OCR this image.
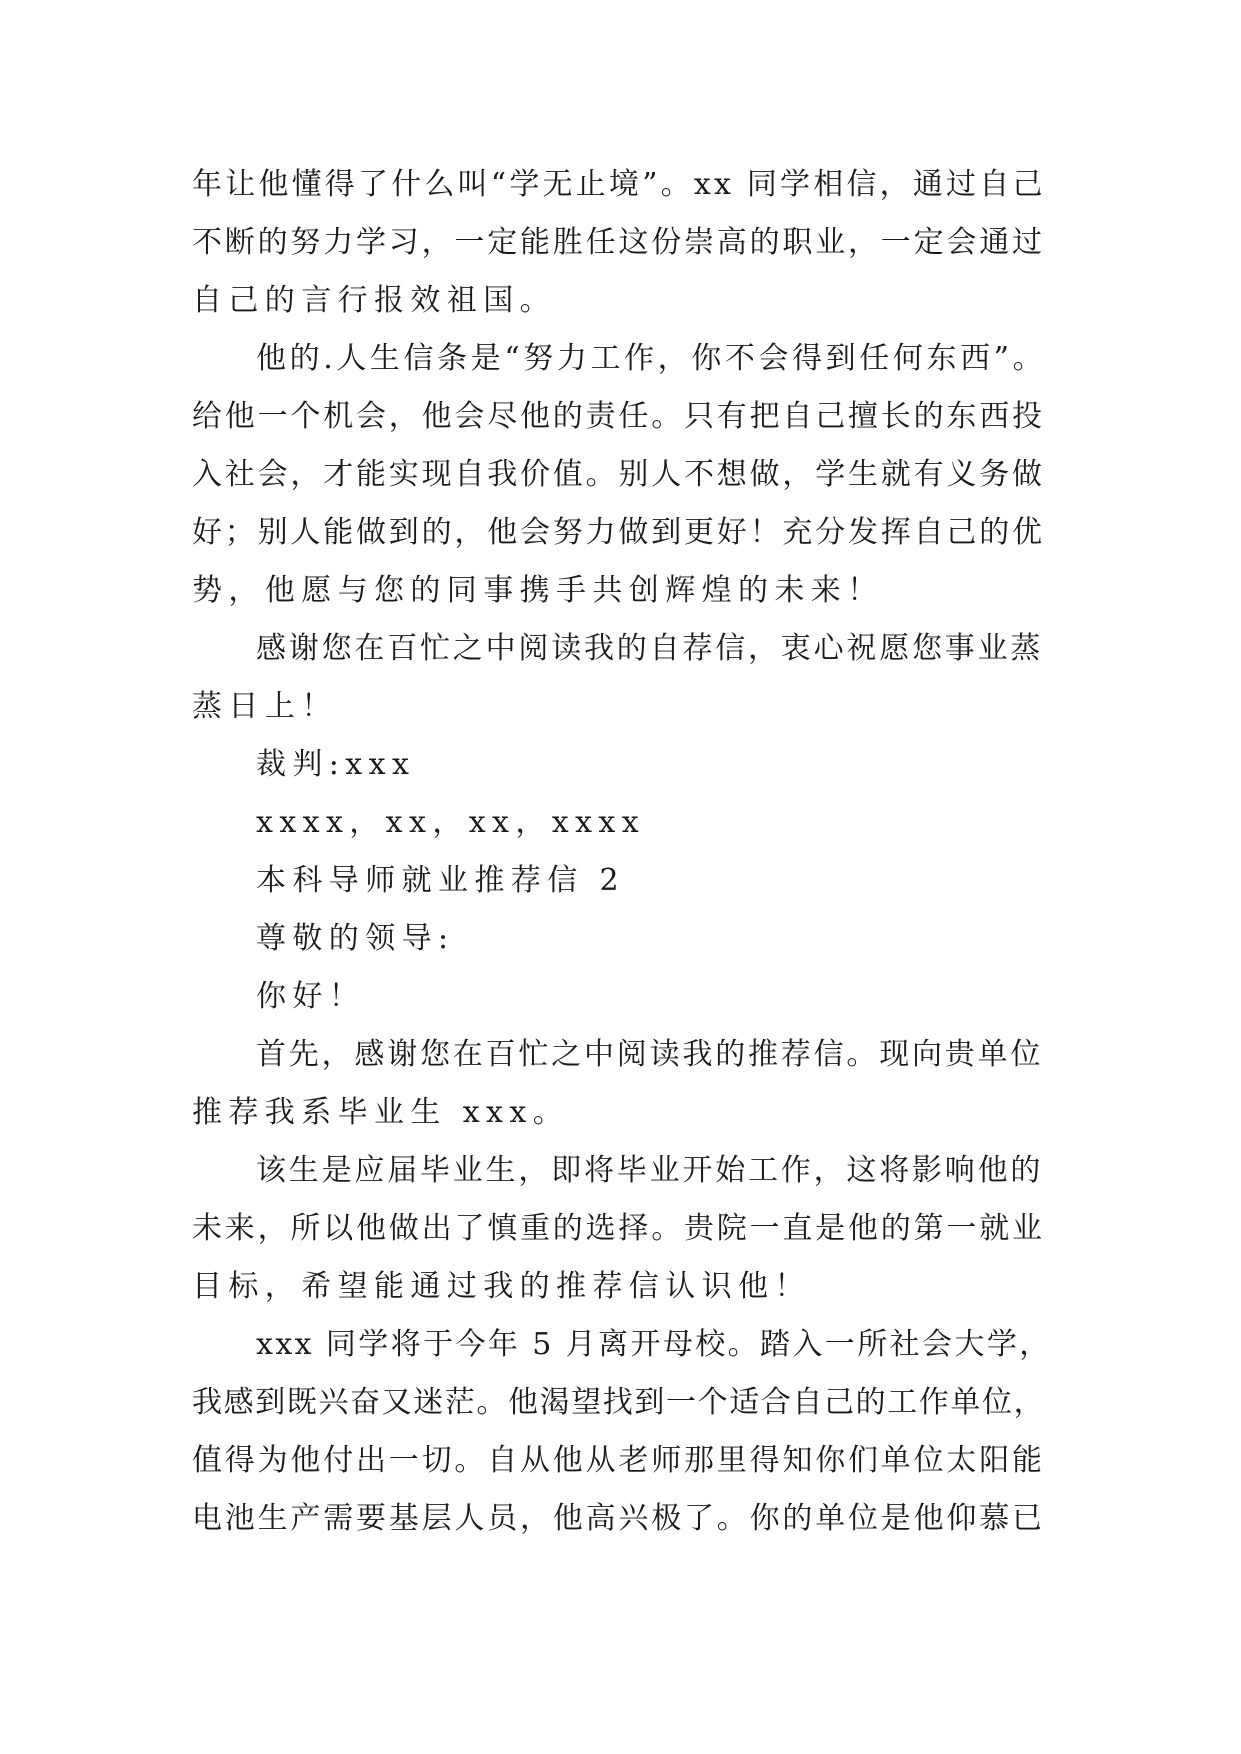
年让他懂得了什么叫“学无止境”。xx 同学相信，通过自己
不断的努力学习，一定能胜任这份崇高的职业，一定会通过
自己的言行报效祖国。
他的.人生信条是“努力工作，你不会得到任何东西”。
给他一个机会，他会尽他的责任。只有把自己擅长的东西投
入社会，才能实现自我价值。别人不想做，学生就有义务做
好；别人能做到的，他会努力做到更好！充分发挥自己的优
势，他愿与您的同事携手共创辉煌的未来！
感谢您在百忙之中阅读我的自荐信，衷心祝愿您事业蒸
蒸日上！
裁判:xxx
xxxx，xx，xx，xxxx
本科导师就业推荐信 2
尊敬的领导:
你好！
首先，感谢您在百忙之中阅读我的推荐信。现向贵单位
推荐我系毕业生 xxx。
该生是应届毕业生，即将毕业开始工作，这将影响他的
未来，所以他做出了慎重的选择。贵院一直是他的第一就业
目标，希望能通过我的推荐信认识他！
xxx 同学将于今年 5 月离开母校。踏入一所社会大学，
我感到既兴奋又迷茫。他渴望找到一个适合自己的工作单位，
值得为他付出一切。自从他从老师那里得知你们单位太阳能
电池生产需要基层人员，他高兴极了。你的单位是他仰慕已
